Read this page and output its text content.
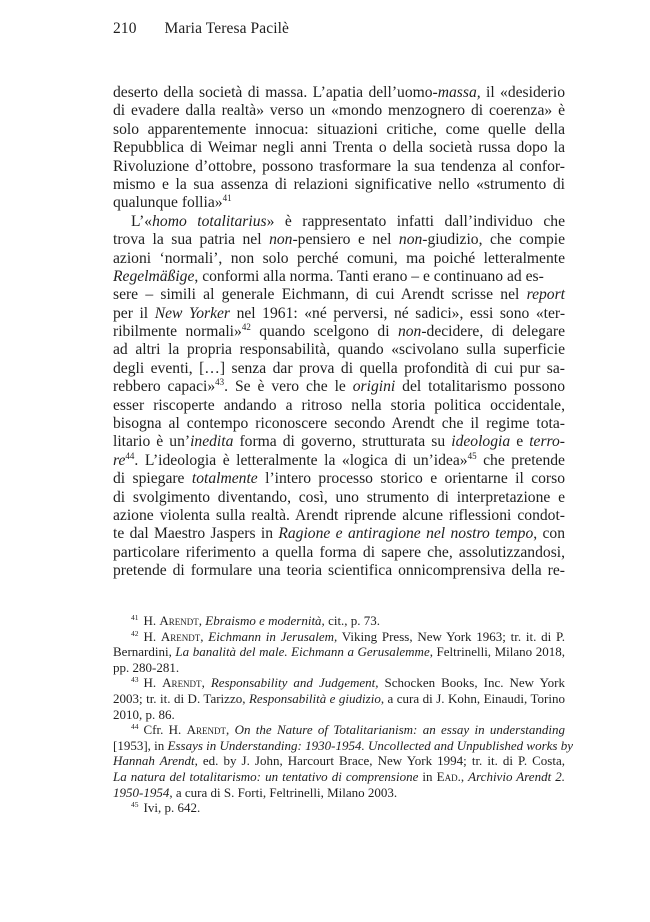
210 Maria Teresa Pacilè
deserto della società di massa. L’apatia dell’uomo-massa, il «desiderio
di evadere dalla realtà» verso un «mondo menzognero di coerenza» è
solo apparentemente innocua: situazioni critiche, come quelle della
Repubblica di Weimar negli anni Trenta o della società russa dopo la
Rivoluzione d’ottobre, possono trasformare la sua tendenza al confor-
mismo e la sua assenza di relazioni significative nello «strumento di
qualunque follia»$^{41}$
L’«homo totalitarius» è rappresentato infatti dall’individuo che
trova la sua patria nel non-pensiero e nel non-giudizio, che compie
azioni ‘normali’, non solo perché comuni, ma poiché letteralmente
Regelmäßige, conformi alla norma. Tanti erano – e continuano ad es-
sere – simili al generale Eichmann, di cui Arendt scrisse nel report
per il New Yorker nel 1961: «né perversi, né sadici», essi sono «ter-
ribilmente normali»$^{42}$ quando scelgono di non-decidere, di delegare
ad altri la propria responsabilità, quando «scivolano sulla superficie
degli eventi, […] senza dar prova di quella profondità di cui pur sa-
rebbero capaci»$^{43}$. Se è vero che le origini del totalitarismo possono
esser riscoperte andando a ritroso nella storia politica occidentale,
bisogna al contempo riconoscere secondo Arendt che il regime tota-
litario è un’inedita forma di governo, strutturata su ideologia e terro-
$re^{44}$. L’ideologia è letteralmente la «logica di un’idea»$^{45}$ che pretende
di spiegare totalmente l’intero processo storico e orientarne il corso
di svolgimento diventando, così, uno strumento di interpretazione e
azione violenta sulla realtà. Arendt riprende alcune riflessioni condot-
te dal Maestro Jaspers in Ragione e antiragione nel nostro tempo, con
particolare riferimento a quella forma di sapere che, assolutizzandosi,
pretende di formulare una teoria scientifica onnicomprensiva della re-
$^{41}$ H. Arendt, Ebraismo e modernità, cit., p. 73.
$^{42}$ H. Arendt, Eichmann in Jerusalem, Viking Press, New York 1963; tr. it. di P.
Bernardini, La banalità del male. Eichmann a Gerusalemme, Feltrinelli, Milano 2018,
pp. 280-281.
$^{43}$ H. Arendt, Responsability and Judgement, Schocken Books, Inc. New York
2003; tr. it. di D. Tarizzo, Responsabilità e giudizio, a cura di J. Kohn, Einaudi, Torino
2010, p. 86.
$^{44}$ Cfr. H. Arendt, On the Nature of Totalitarianism: an essay in understanding
[1953], in Essays in Understanding: 1930-1954. Uncollected and Unpublished works by
Hannah Arendt, ed. by J. John, Harcourt Brace, New York 1994; tr. it. di P. Costa,
La natura del totalitarismo: un tentativo di comprensione in Ead., Archivio Arendt 2.
1950-1954, a cura di S. Forti, Feltrinelli, Milano 2003.
$^{45}$ Ivi, p. 642.
